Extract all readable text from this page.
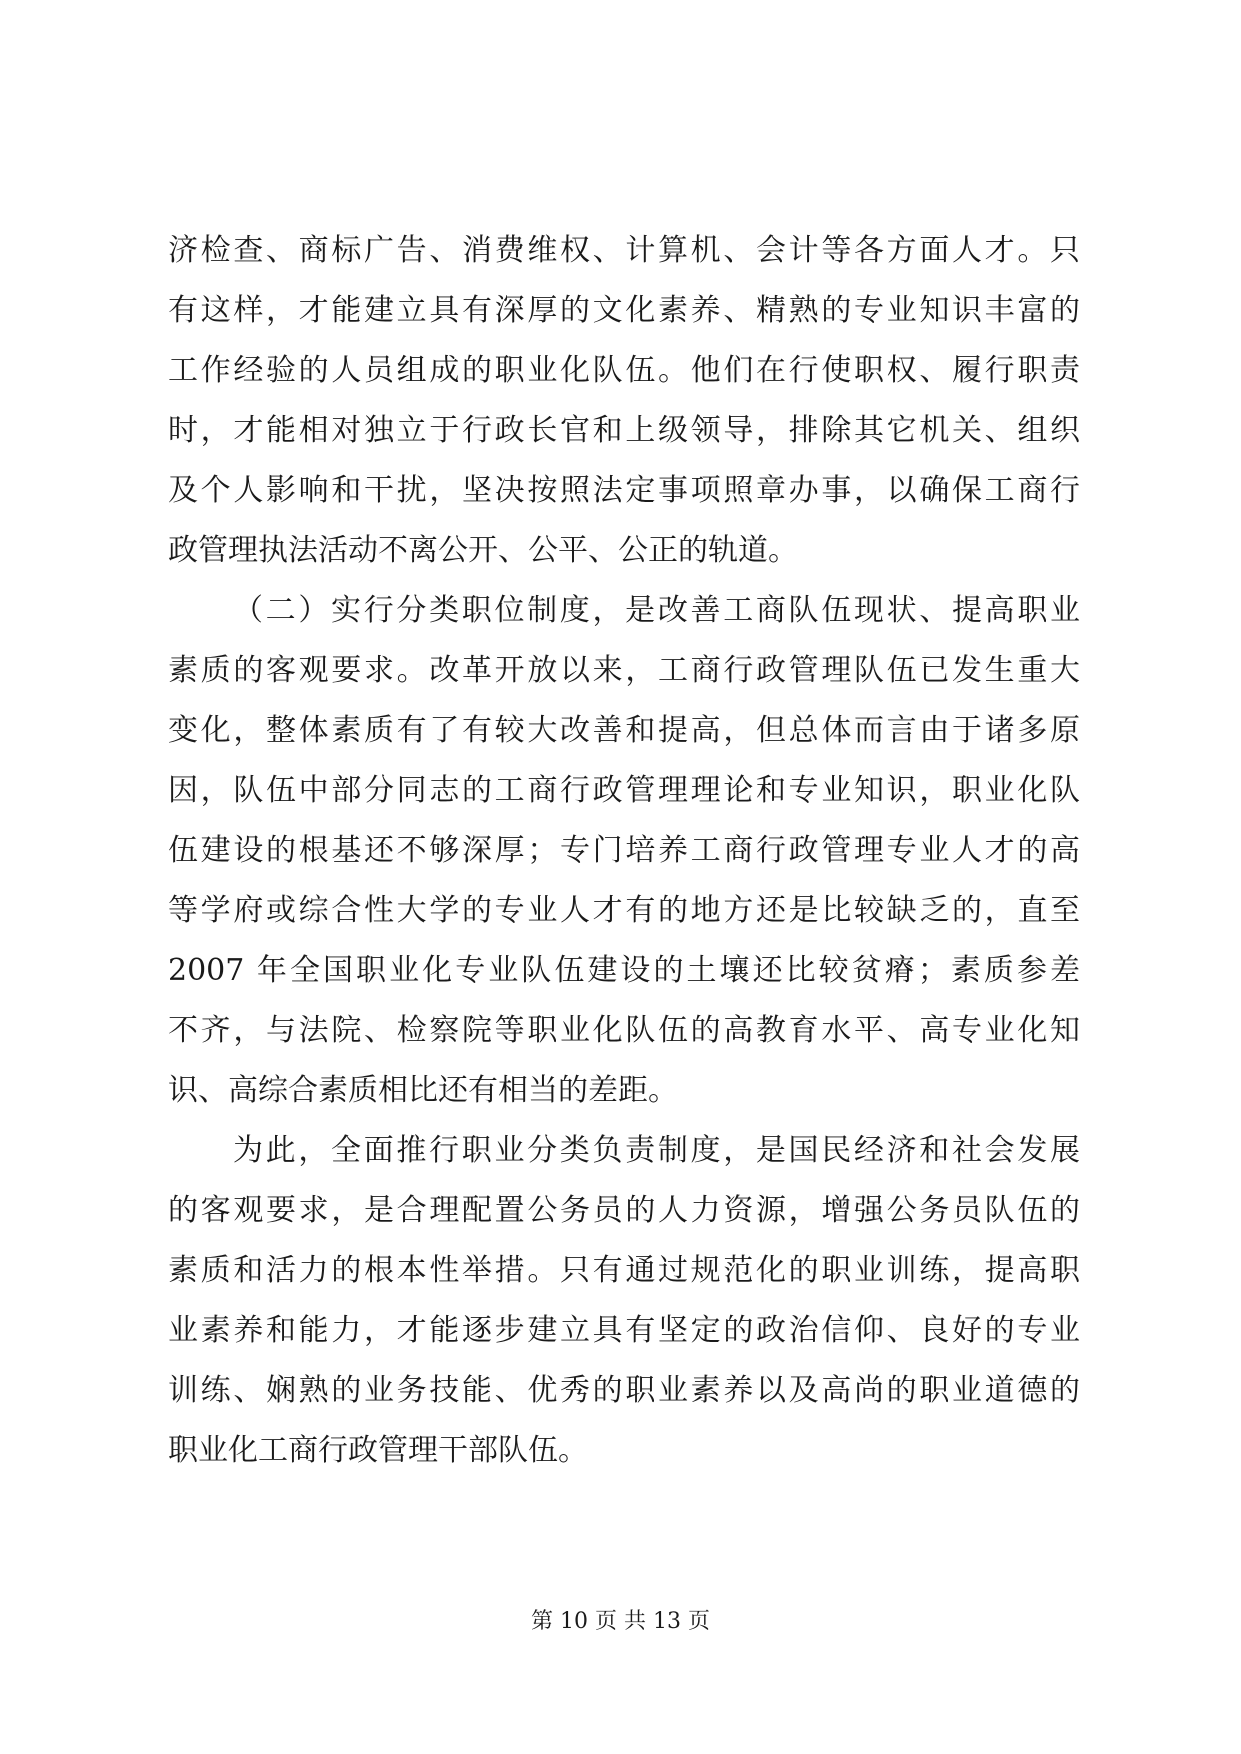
济检查、商标广告、消费维权、计算机、会计等各方面人才。只
有这样，才能建立具有深厚的文化素养、精熟的专业知识丰富的
工作经验的人员组成的职业化队伍。他们在行使职权、履行职责
时，才能相对独立于行政长官和上级领导，排除其它机关、组织
及个人影响和干扰，坚决按照法定事项照章办事，以确保工商行
政管理执法活动不离公开、公平、公正的轨道。
（二）实行分类职位制度，是改善工商队伍现状、提高职业
素质的客观要求。改革开放以来，工商行政管理队伍已发生重大
变化，整体素质有了有较大改善和提高，但总体而言由于诸多原
因，队伍中部分同志的工商行政管理理论和专业知识，职业化队
伍建设的根基还不够深厚；专门培养工商行政管理专业人才的高
等学府或综合性大学的专业人才有的地方还是比较缺乏的，直至
2007 年全国职业化专业队伍建设的土壤还比较贫瘠；素质参差
不齐，与法院、检察院等职业化队伍的高教育水平、高专业化知
识、高综合素质相比还有相当的差距。
为此，全面推行职业分类负责制度，是国民经济和社会发展
的客观要求，是合理配置公务员的人力资源，增强公务员队伍的
素质和活力的根本性举措。只有通过规范化的职业训练，提高职
业素养和能力，才能逐步建立具有坚定的政治信仰、良好的专业
训练、娴熟的业务技能、优秀的职业素养以及高尚的职业道德的
职业化工商行政管理干部队伍。
第 10 页 共 13 页
